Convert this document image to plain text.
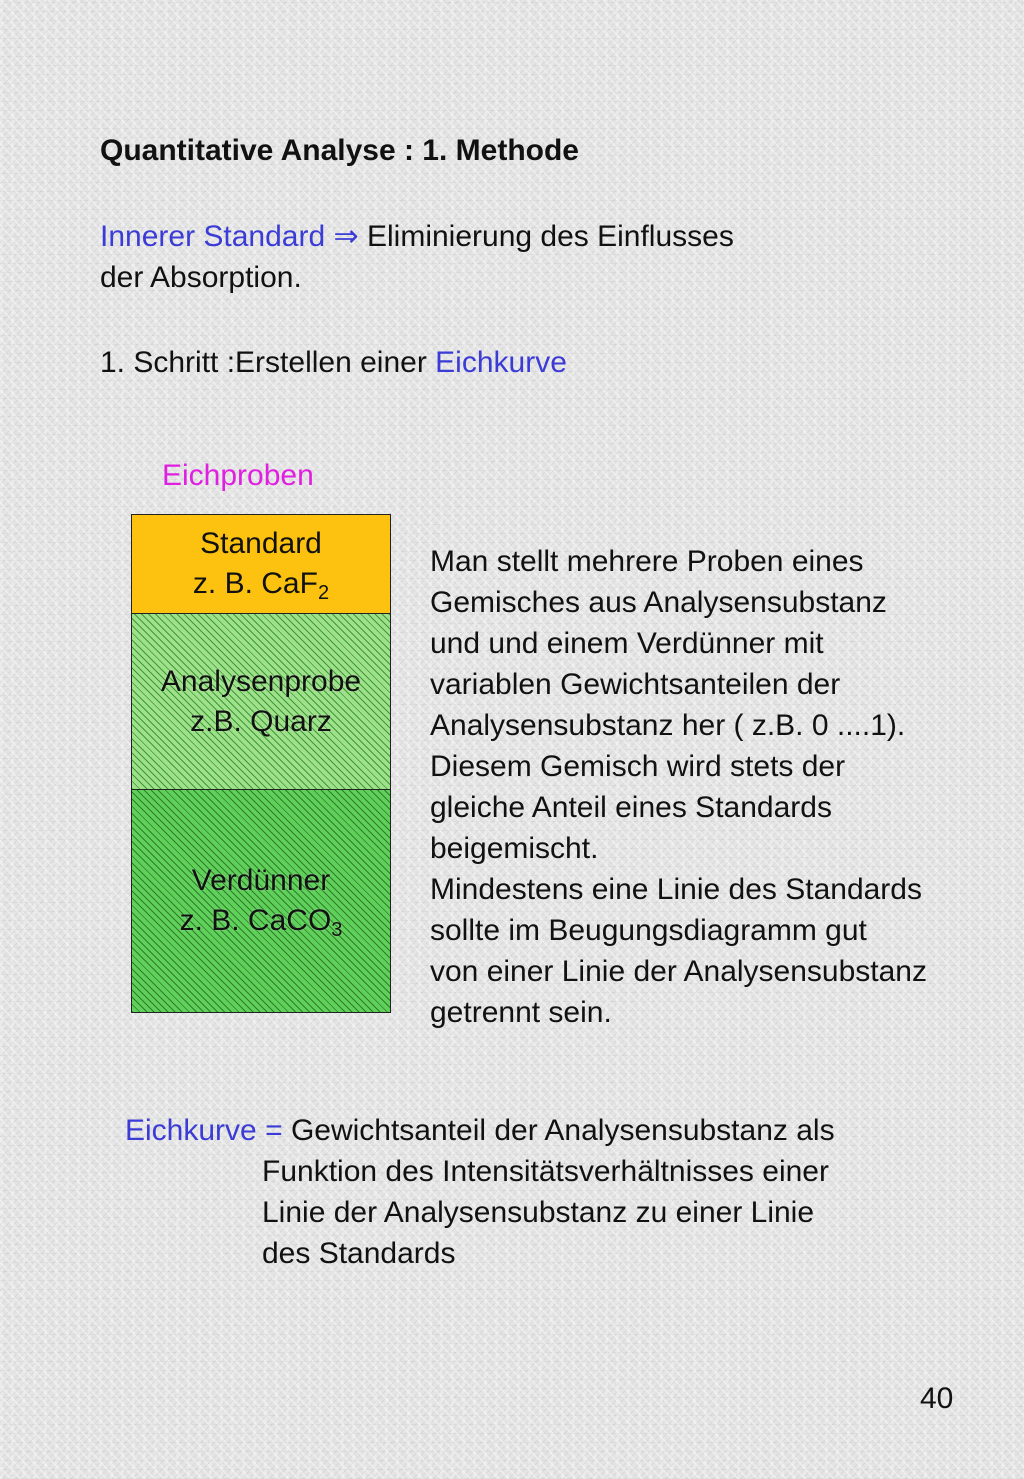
Quantitative Analyse : 1. Methode
Innerer Standard ⇒ Eliminierung des Einflusses
der Absorption.
1. Schritt :Erstellen einer Eichkurve
Eichproben
Standard
z. B. CaF$_2$
Analysenprobe
z.B. Quarz
Verdünner
z. B. CaCO$_3$

Man stellt mehrere Proben eines

Gemisches aus Analysensubstanz

und und einem Verdünner mit

variablen Gewichtsanteilen der

Analysensubstanz her ( z.B. 0 ....1).

Diesem Gemisch wird stets der

gleiche Anteil eines Standards

beigemischt.

Mindestens eine Linie des Standards

sollte im Beugungsdiagramm gut

von einer Linie der Analysensubstanz

getrennt sein.

Eichkurve = Gewichtsanteil der Analysensubstanz als
Funktion des Intensitätsverhältnisses einer
Linie der Analysensubstanz zu einer Linie
des Standards
40
